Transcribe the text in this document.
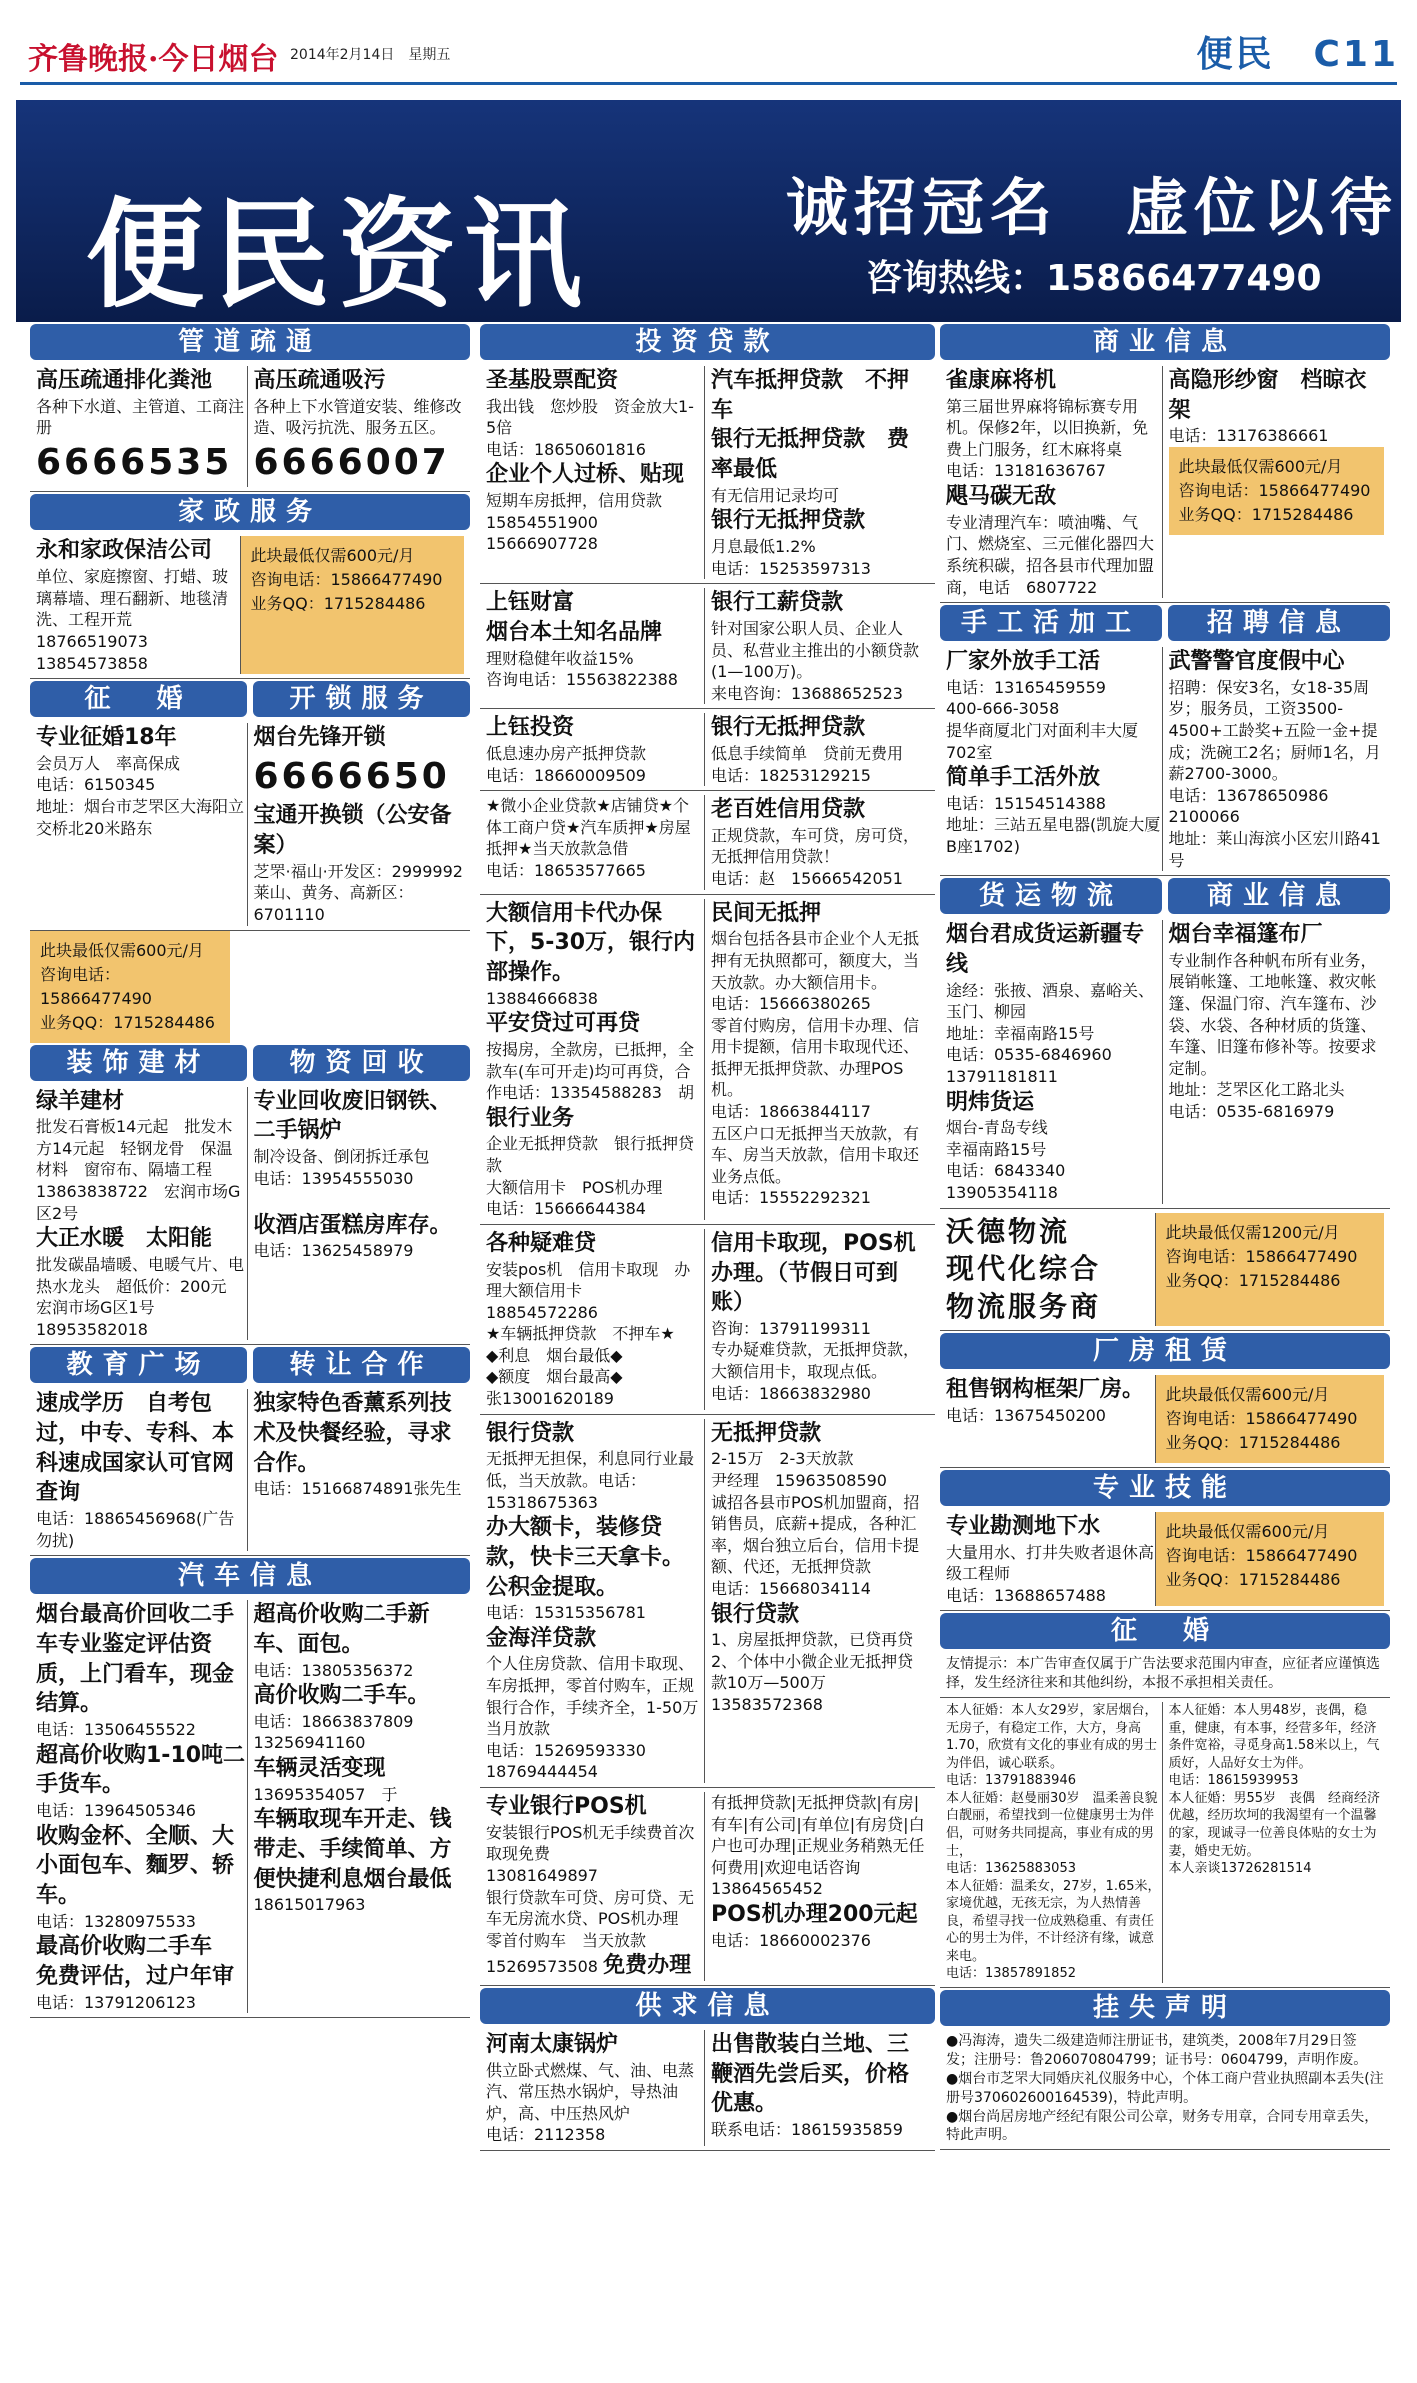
齐鲁晚报·今日烟台 2014年2月14日　星期五	便民　C11
便民资讯	诚招冠名　虚位以待
咨询热线：15866477490
管道疏通
高压疏通排化粪池
各种下水道、主管道、工商注册
6666535
高压疏通吸污
各种上下水管道安装、维修改造、吸污抗洗、服务五区。
6666007
家政服务
永和家政保洁公司
单位、家庭擦窗、打蜡、玻璃幕墙、理石翻新、地毯清洗、工程开荒
18766519073　13854573858
此块最低仅需600元/月
咨询电话：15866477490
业务QQ：1715284486
征　婚	开锁服务
专业征婚18年
会员万人　率高保成
电话：6150345
地址：烟台市芝罘区大海阳立交桥北20米路东
烟台先锋开锁
6666650
宝通开换锁（公安备案）
芝罘·福山·开发区：2999992
莱山、黄务、高新区：6701110
此块最低仅需600元/月
咨询电话：15866477490
业务QQ：1715284486
装饰建材	物资回收
绿羊建材
批发石膏板14元起　批发木方14元起　轻钢龙骨　保温材料　窗帘布、隔墙工程
13863838722　宏润市场G区2号
大正水暖　太阳能
批发碳晶墙暖、电暖气片、电热水龙头　超低价：200元
宏润市场G区1号
18953582018
专业回收废旧钢铁、二手锅炉
制冷设备、倒闭拆迁承包
电话：13954555030

收酒店蛋糕房库存。
电话：13625458979
教育广场	转让合作
速成学历　自考包过，中专、专科、本科速成国家认可官网查询
电话：18865456968(广告勿扰)
独家特色香薰系列技术及快餐经验，寻求合作。
电话：15166874891张先生
汽车信息
烟台最高价回收二手车专业鉴定评估资质，上门看车，现金结算。
电话：13506455522
超高价收购1-10吨二手货车。
电话：13964505346
收购金杯、全顺、大小面包车、麵罗、轿车。
电话：13280975533
最高价收购二手车
免费评估，过户年审
电话：13791206123
超高价收购二手新车、面包。
电话：13805356372
高价收购二手车。
电话：18663837809　13256941160
车辆灵活变现
13695354057　于
车辆取现车开走、钱带走、手续简单、方便快捷利息烟台最低
18615017963
投资贷款
圣基股票配资
我出钱　您炒股　资金放大1-5倍
电话：18650601816
企业个人过桥、贴现
短期车房抵押，信用贷款
15854551900　15666907728
汽车抵押贷款　不押车
银行无抵押贷款　费率最低
有无信用记录均可
银行无抵押贷款
月息最低1.2%
电话：15253597313
上钰财富
烟台本土知名品牌
理财稳健年收益15%
咨询电话：15563822388
银行工薪贷款
针对国家公职人员、企业人员、私营业主推出的小额贷款(1—100万)。
来电咨询：13688652523
上钰投资
低息速办房产抵押贷款
电话：18660009509
银行无抵押贷款
低息手续简单　贷前无费用
电话：18253129215
★微小企业贷款★店铺贷★个体工商户贷★汽车质押★房屋抵押★当天放款急借
电话：18653577665
老百姓信用贷款
正规贷款，车可贷，房可贷，无抵押信用贷款！
电话：赵　15666542051
大额信用卡代办保下，5-30万，银行内部操作。
13884666838
平安贷过可再贷
按揭房，全款房，已抵押，全款车(车可开走)均可再贷，合作电话：13354588283　胡
银行业务
企业无抵押贷款　银行抵押贷款
大额信用卡　POS机办理
电话：15666644384
民间无抵押
烟台包括各县市企业个人无抵押有无执照都可，额度大，当天放款。办大额信用卡。
电话：15666380265
零首付购房，信用卡办理、信用卡提额，信用卡取现代还、抵押无抵押贷款、办理POS机。
电话：18663844117
五区户口无抵押当天放款，有车、房当天放款，信用卡取还业务点低。
电话：15552292321
各种疑难贷
安装pos机　信用卡取现　办理大额信用卡
18854572286
★车辆抵押贷款　不押车★
◆利息　烟台最低◆
◆额度　烟台最高◆
张13001620189
信用卡取现，POS机办理。（节假日可到账）
咨询：13791199311
专办疑难贷款，无抵押贷款，大额信用卡，取现点低。
电话：18663832980
银行贷款
无抵押无担保，利息同行业最低，当天放款。电话：15318675363
办大额卡，装修贷款，快卡三天拿卡。公积金提取。
电话：15315356781
金海洋贷款
个人住房贷款、信用卡取现、车房抵押，零首付购车，正规银行合作，手续齐全，1-50万当月放款
电话：15269593330　18769444454
无抵押贷款
2-15万　2-3天放款
尹经理　15963508590
诚招各县市POS机加盟商，招销售员，底薪+提成，各种汇率，烟台独立后台，信用卡提额、代还，无抵押贷款
电话：15668034114
银行贷款
1、房屋抵押贷款，已贷再贷　2、个体中小微企业无抵押贷款10万—500万
13583572368
专业银行POS机
安装银行POS机无手续费首次取现免费
13081649897
银行贷款车可贷、房可贷、无车无房流水贷、POS机办理　零首付购车　当天放款
15269573508 免费办理
有抵押贷款|无抵押贷款|有房|有车|有公司|有单位|有房贷|白户也可办理|正规业务稍熟无任何费用|欢迎电话咨询
13864565452
POS机办理200元起
电话：18660002376
供求信息
河南太康锅炉
供立卧式燃煤、气、油、电蒸汽、常压热水锅炉，导热油炉，高、中压热风炉
电话：2112358
出售散装白兰地、三鞭酒先尝后买，价格优惠。
联系电话：18615935859
商业信息
雀康麻将机
第三届世界麻将锦标赛专用机。保修2年，以旧换新，免费上门服务，红木麻将桌
电话：13181636767
飓马碳无敌
专业清理汽车：喷油嘴、气门、燃烧室、三元催化器四大系统积碳，招各县市代理加盟商，电话　6807722
高隐形纱窗　档晾衣架
电话：13176386661

此块最低仅需600元/月
咨询电话：15866477490
业务QQ：1715284486
手工活加工	招聘信息
厂家外放手工活
电话：13165459559
400-666-3058
提华商厦北门对面利丰大厦702室
简单手工活外放
电话：15154514388
地址：三站五星电器(凯旋大厦B座1702)
武警警官度假中心
招聘：保安3名，女18-35周岁；服务员，工资3500-4500+工龄奖+五险一金+提成；洗碗工2名；厨师1名，月薪2700-3000。
电话：13678650986　2100066
地址：莱山海滨小区宏川路41号
货运物流	商业信息
烟台君成货运新疆专线
途经：张掖、酒泉、嘉峪关、玉门、柳园
地址：幸福南路15号
电话：0535-6846960　13791181811
明炜货运
烟台-青岛专线
幸福南路15号
电话：6843340　13905354118
烟台幸福篷布厂
专业制作各种帆布所有业务，展销帐篷、工地帐篷、救灾帐篷、保温门帘、汽车篷布、沙袋、水袋、各种材质的货篷、车篷、旧篷布修补等。按要求定制。
地址：芝罘区化工路北头
电话：0535-6816979
沃德物流
现代化综合
物流服务商
此块最低仅需1200元/月
咨询电话：15866477490
业务QQ：1715284486
厂房租赁
租售钢构框架厂房。
电话：13675450200
此块最低仅需600元/月
咨询电话：15866477490
业务QQ：1715284486
专业技能
专业勘测地下水
大量用水、打井失败者退休高级工程师
电话：13688657488
此块最低仅需600元/月
咨询电话：15866477490
业务QQ：1715284486
征　婚
友情提示：本广告审查仅属于广告法要求范围内审查，应征者应谨慎选择，发生经济往来和其他纠纷，本报不承担相关责任。
本人征婚：本人女29岁，家居烟台，无房子，有稳定工作，大方，身高1.70，欣赏有文化的事业有成的男士为伴侣，诚心联系。
电话：13791883946
本人征婚：赵曼丽30岁　温柔善良貌白靓丽，希望找到一位健康男士为伴侣，可财务共同提高，事业有成的男士，
电话：13625883053
本人征婚：温柔女，27岁，1.65米，家境优越，无孩无宗，为人热情善良，希望寻找一位成熟稳重、有责任心的男士为伴，不计经济有缘，诚意来电。
电话：13857891852
本人征婚：本人男48岁，丧偶，稳重，健康，有本事，经营多年，经济条件宽裕，寻觅身高1.58米以上，气质好，人品好女士为伴。
电话：18615939953
本人征婚：男55岁　丧偶　经商经济优越，经历坎坷的我渴望有一个温馨的家，现诚寻一位善良体贴的女士为妻，婚史无妨。
本人亲谈13726281514
挂失声明
●冯海涛，遗失二级建造师注册证书，建筑类，2008年7月29日签发；注册号：鲁206070804799；证书号：0604799，声明作废。
●烟台市芝罘大同婚庆礼仪服务中心，个体工商户营业执照副本丢失(注册号370602600164539)，特此声明。
●烟台尚居房地产经纪有限公司公章，财务专用章，合同专用章丢失，特此声明。
